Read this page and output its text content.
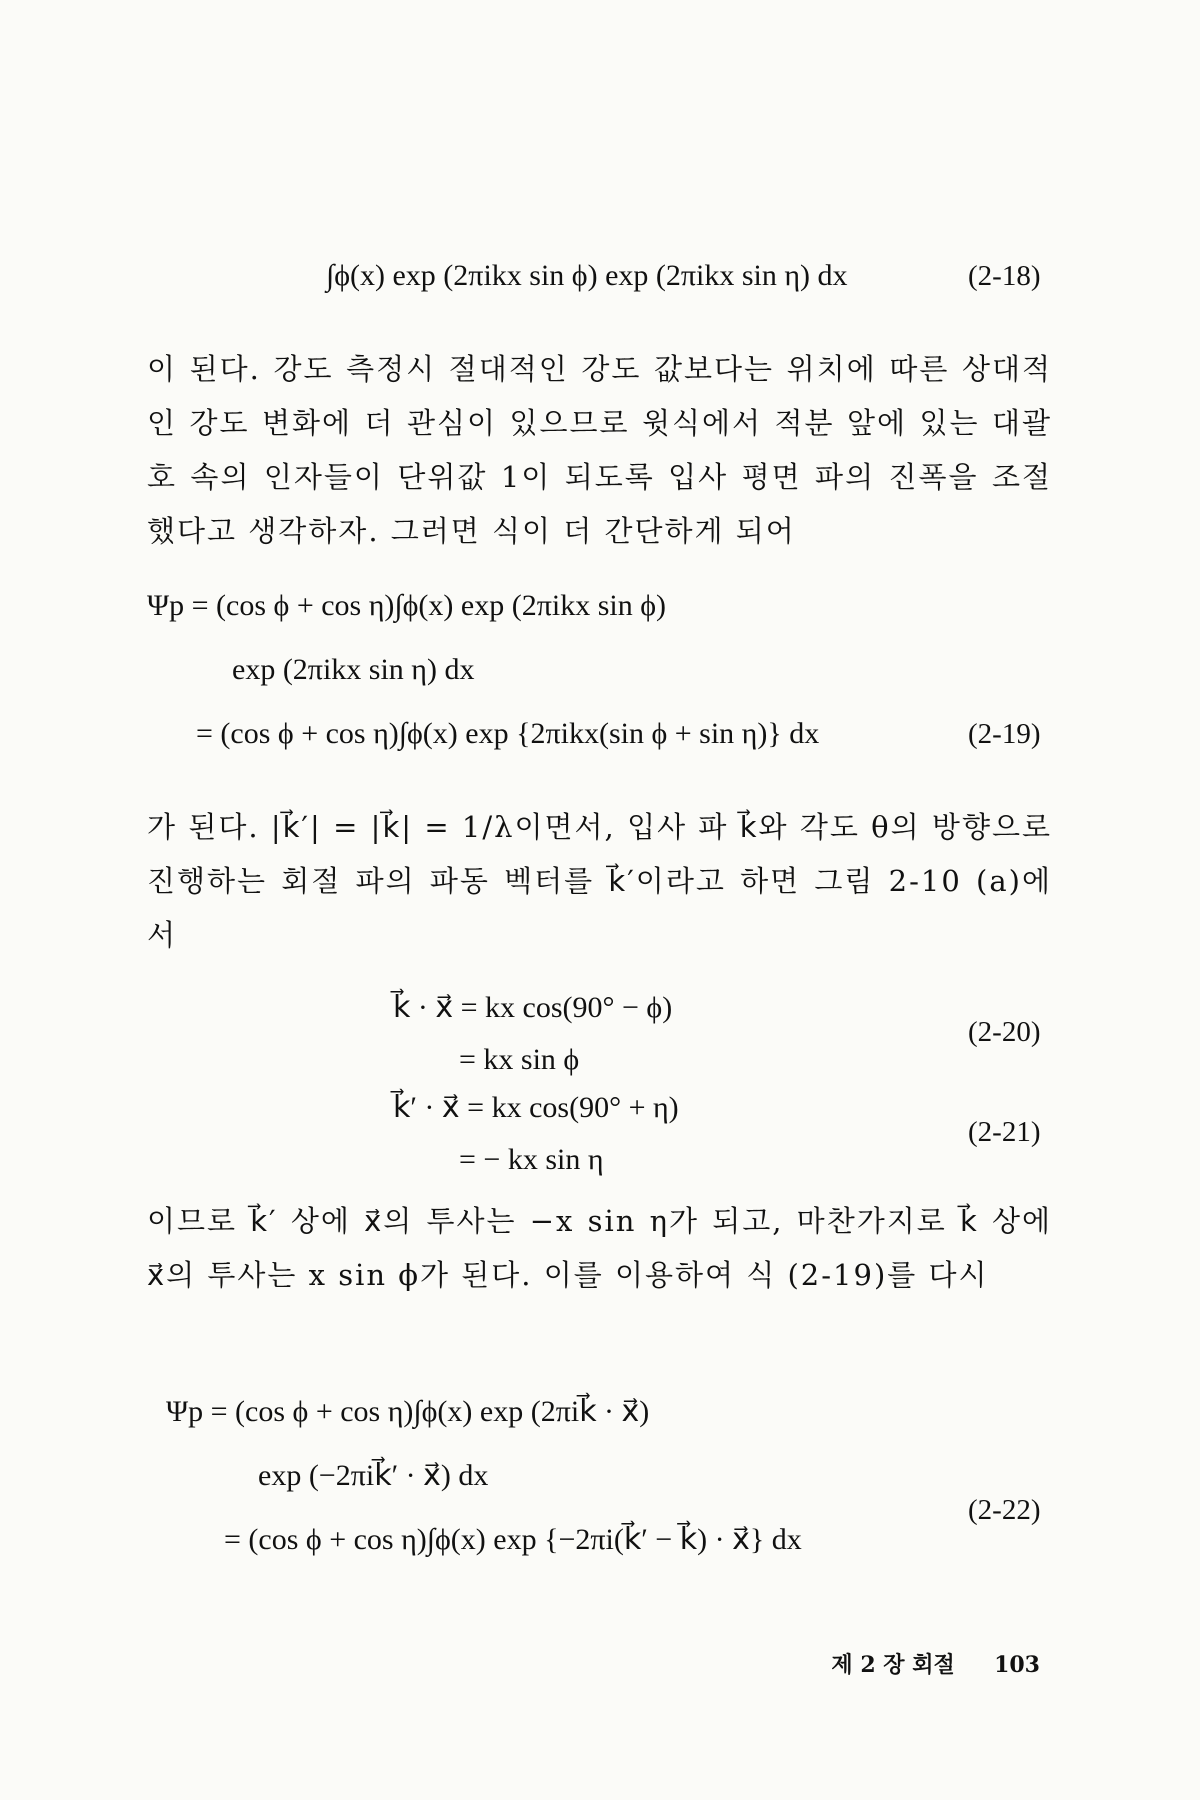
∫ϕ(x) exp (2πikx sin ϕ) exp (2πikx sin η) dx	(2-18)
이 된다. 강도 측정시 절대적인 강도 값보다는 위치에 따른 상대적인 강도 변화에 더 관심이 있으므로 윗식에서 적분 앞에 있는 대괄호 속의 인자들이 단위값 1이 되도록 입사 평면 파의 진폭을 조절했다고 생각하자. 그러면 식이 더 간단하게 되어
Ψp = (cos ϕ + cos η)∫ϕ(x) exp (2πikx sin ϕ)
exp (2πikx sin η) dx
= (cos ϕ + cos η)∫ϕ(x) exp {2πikx(sin ϕ + sin η)} dx	(2-19)
가 된다. |k⃗′| = |k⃗| = 1/λ이면서, 입사 파 k⃗와 각도 θ의 방향으로 진행하는 회절 파의 파동 벡터를 k⃗′이라고 하면 그림 2-10 (a)에서
k⃗ · x⃗ = kx cos(90° − ϕ)
= kx sin ϕ
(2-20)
k⃗′ · x⃗ = kx cos(90° + η)
= − kx sin η
(2-21)
이므로 k⃗′ 상에 x⃗의 투사는 −x sin η가 되고, 마찬가지로 k⃗ 상에 x⃗의 투사는 x sin ϕ가 된다. 이를 이용하여 식 (2-19)를 다시
Ψp = (cos ϕ + cos η)∫ϕ(x) exp (2πik⃗ · x⃗)
exp (−2πik⃗′ · x⃗) dx
= (cos ϕ + cos η)∫ϕ(x) exp {−2πi(k⃗′ − k⃗) · x⃗} dx
(2-22)
제 2 장 회절 103
